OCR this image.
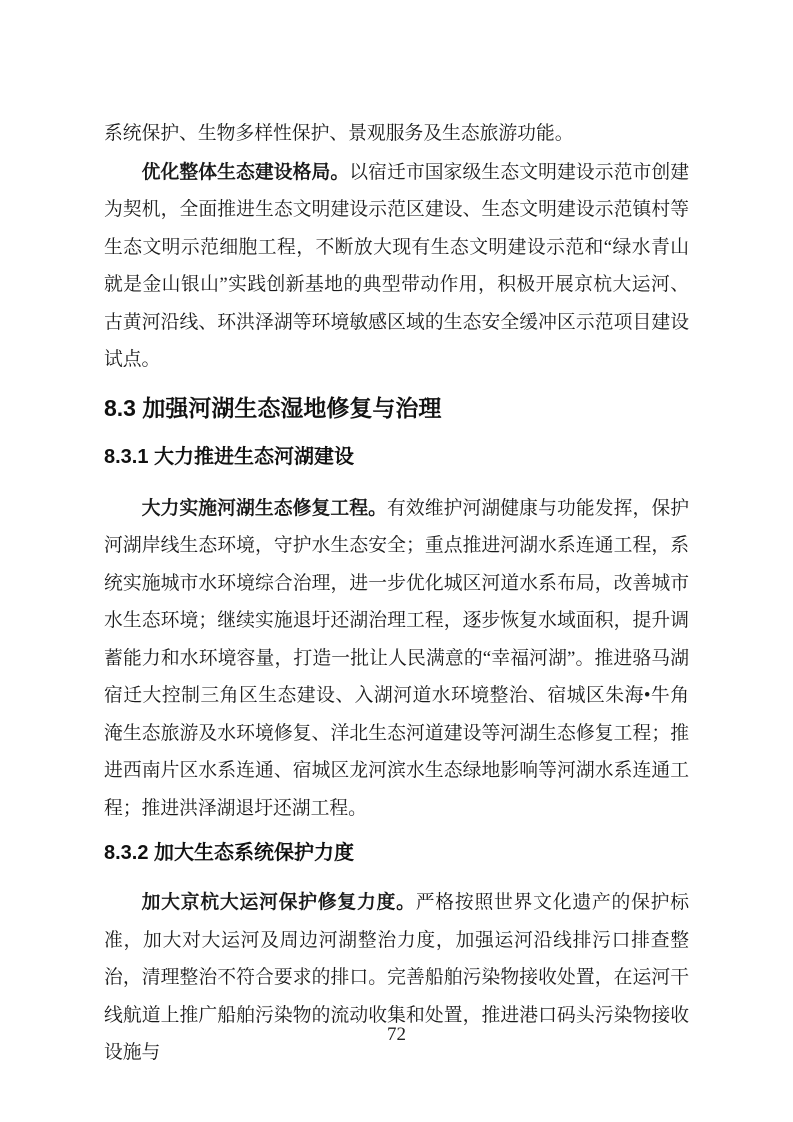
系统保护、生物多样性保护、景观服务及生态旅游功能。

优化整体生态建设格局。以宿迁市国家级生态文明建设示范市创建为契机，全面推进生态文明建设示范区建设、生态文明建设示范镇村等生态文明示范细胞工程，不断放大现有生态文明建设示范和“绿水青山就是金山银山”实践创新基地的典型带动作用，积极开展京杭大运河、古黄河沿线、环洪泽湖等环境敏感区域的生态安全缓冲区示范项目建设试点。

8.3 加强河湖生态湿地修复与治理
8.3.1 大力推进生态河湖建设

大力实施河湖生态修复工程。有效维护河湖健康与功能发挥，保护河湖岸线生态环境，守护水生态安全；重点推进河湖水系连通工程，系统实施城市水环境综合治理，进一步优化城区河道水系布局，改善城市水生态环境；继续实施退圩还湖治理工程，逐步恢复水域面积，提升调蓄能力和水环境容量，打造一批让人民满意的“幸福河湖”。推进骆马湖宿迁大控制三角区生态建设、入湖河道水环境整治、宿城区朱海•牛角淹生态旅游及水环境修复、洋北生态河道建设等河湖生态修复工程；推进西南片区水系连通、宿城区龙河滨水生态绿地影响等河湖水系连通工程；推进洪泽湖退圩还湖工程。

8.3.2 加大生态系统保护力度

加大京杭大运河保护修复力度。严格按照世界文化遗产的保护标准，加大对大运河及周边河湖整治力度，加强运河沿线排污口排查整治，清理整治不符合要求的排口。完善船舶污染物接收处置，在运河干线航道上推广船舶污染物的流动收集和处置，推进港口码头污染物接收设施与

72
